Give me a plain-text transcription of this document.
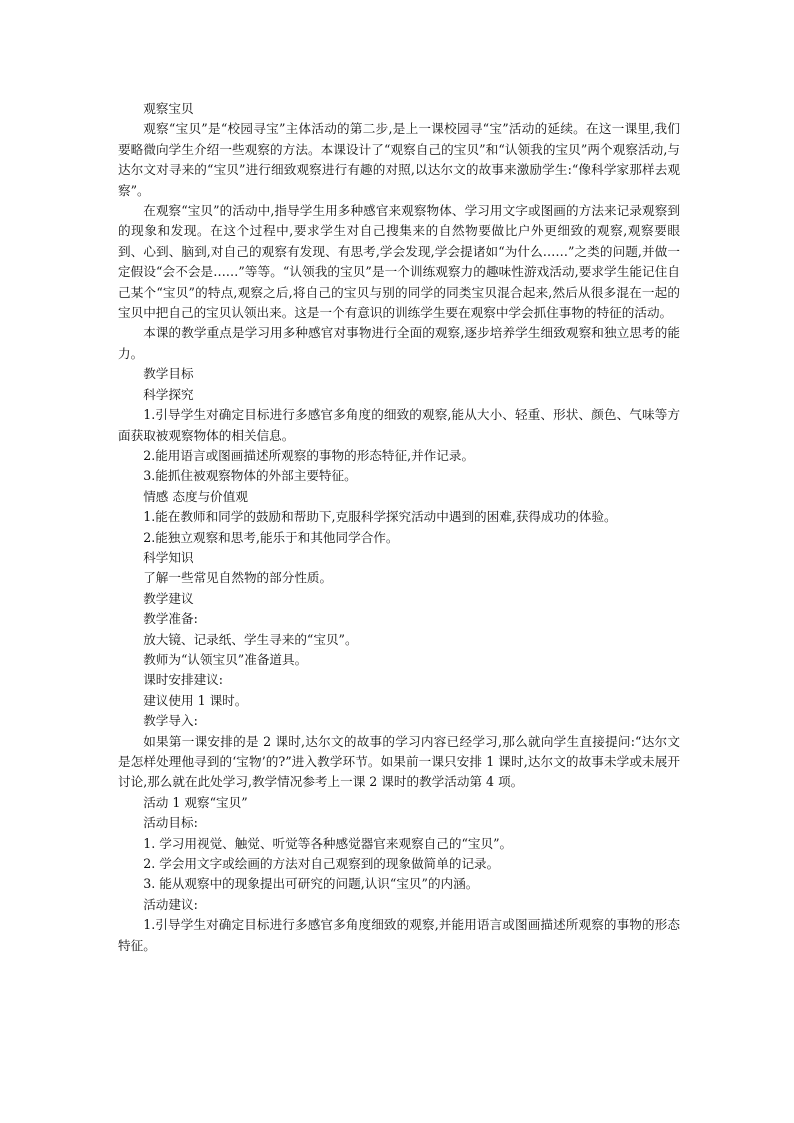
观察宝贝

观察“宝贝”是“校园寻宝”主体活动的第二步,是上一课校园寻“宝”活动的延续。在这一课里,我们要略微向学生介绍一些观察的方法。本课设计了“观察自己的宝贝”和“认领我的宝贝”两个观察活动,与达尔文对寻来的“宝贝”进行细致观察进行有趣的对照,以达尔文的故事来激励学生:“像科学家那样去观察”。

在观察“宝贝”的活动中,指导学生用多种感官来观察物体、学习用文字或图画的方法来记录观察到的现象和发现。在这个过程中,要求学生对自己搜集来的自然物要做比户外更细致的观察,观察要眼到、心到、脑到,对自己的观察有发现、有思考,学会发现,学会提诸如“为什么……”之类的问题,并做一定假设“会不会是……”等等。“认领我的宝贝”是一个训练观察力的趣味性游戏活动,要求学生能记住自己某个“宝贝”的特点,观察之后,将自己的宝贝与别的同学的同类宝贝混合起来,然后从很多混在一起的宝贝中把自己的宝贝认领出来。这是一个有意识的训练学生要在观察中学会抓住事物的特征的活动。

本课的教学重点是学习用多种感官对事物进行全面的观察,逐步培养学生细致观察和独立思考的能力。

教学目标

科学探究

1.引导学生对确定目标进行多感官多角度的细致的观察,能从大小、轻重、形状、颜色、气味等方面获取被观察物体的相关信息。

2.能用语言或图画描述所观察的事物的形态特征,并作记录。

3.能抓住被观察物体的外部主要特征。

情感 态度与价值观

1.能在教师和同学的鼓励和帮助下,克服科学探究活动中遇到的困难,获得成功的体验。

2.能独立观察和思考,能乐于和其他同学合作。

科学知识

了解一些常见自然物的部分性质。

教学建议

教学准备:

放大镜、记录纸、学生寻来的“宝贝”。

教师为“认领宝贝”准备道具。

课时安排建议:

建议使用 1 课时。

教学导入:

如果第一课安排的是 2 课时,达尔文的故事的学习内容已经学习,那么就向学生直接提问:“达尔文是怎样处理他寻到的‘宝物’的?”进入教学环节。如果前一课只安排 1 课时,达尔文的故事未学或未展开讨论,那么就在此处学习,教学情况参考上一课 2 课时的教学活动第 4 项。

活动 1 观察“宝贝”

活动目标:

1. 学习用视觉、触觉、听觉等各种感觉器官来观察自己的“宝贝”。

2. 学会用文字或绘画的方法对自己观察到的现象做简单的记录。

3. 能从观察中的现象提出可研究的问题,认识“宝贝”的内涵。

活动建议:

1.引导学生对确定目标进行多感官多角度细致的观察,并能用语言或图画描述所观察的事物的形态特征。
